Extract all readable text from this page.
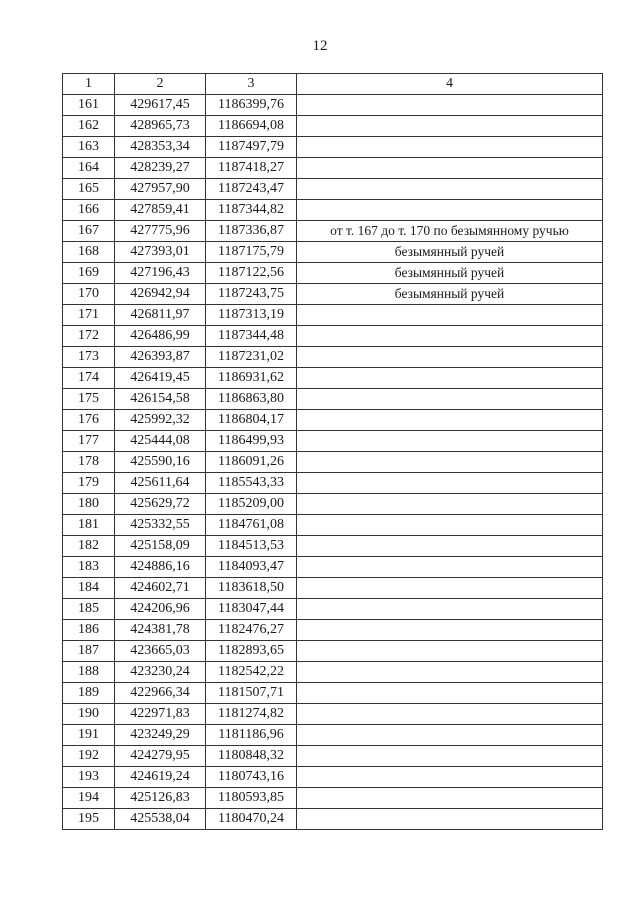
12
1	2	3	4
161	429617,45	1186399,76	
162	428965,73	1186694,08	
163	428353,34	1187497,79	
164	428239,27	1187418,27	
165	427957,90	1187243,47	
166	427859,41	1187344,82	
167	427775,96	1187336,87	от т. 167 до т. 170 по безымянному ручью
168	427393,01	1187175,79	безымянный ручей
169	427196,43	1187122,56	безымянный ручей
170	426942,94	1187243,75	безымянный ручей
171	426811,97	1187313,19	
172	426486,99	1187344,48	
173	426393,87	1187231,02	
174	426419,45	1186931,62	
175	426154,58	1186863,80	
176	425992,32	1186804,17	
177	425444,08	1186499,93	
178	425590,16	1186091,26	
179	425611,64	1185543,33	
180	425629,72	1185209,00	
181	425332,55	1184761,08	
182	425158,09	1184513,53	
183	424886,16	1184093,47	
184	424602,71	1183618,50	
185	424206,96	1183047,44	
186	424381,78	1182476,27	
187	423665,03	1182893,65	
188	423230,24	1182542,22	
189	422966,34	1181507,71	
190	422971,83	1181274,82	
191	423249,29	1181186,96	
192	424279,95	1180848,32	
193	424619,24	1180743,16	
194	425126,83	1180593,85	
195	425538,04	1180470,24	
